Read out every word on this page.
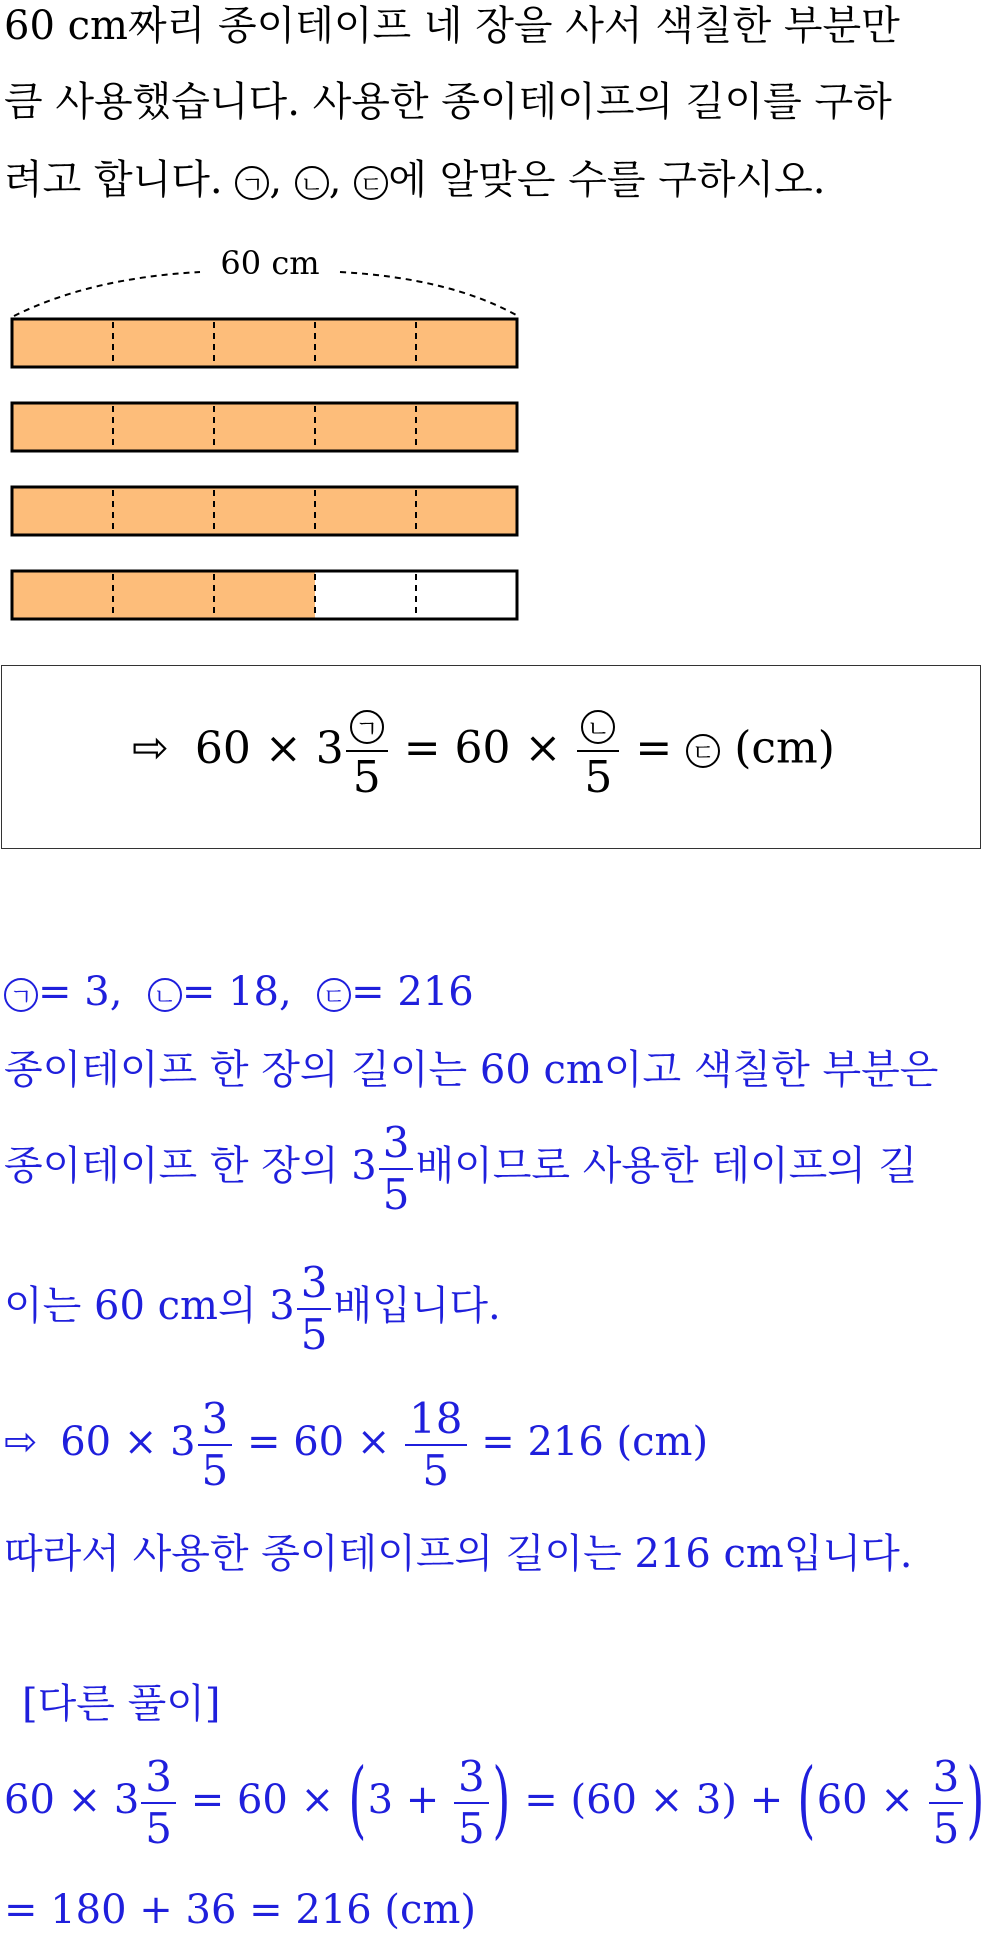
60 cm짜리 종이테이프 네 장을 사서 색칠한 부분만
큼 사용했습니다. 사용한 종이테이프의 길이를 구하
려고 합니다. ㄱ , ㄴ , ㄷ 에 알맞은 수를 구하시오.
60 cm
⇨ $60 \times 3 \frac{\text{ㄱ}}{5} = 60 \times \frac{\text{ㄴ}}{5}$ = ㄷ (cm)
ㄱ = 3,  ㄴ = 18,  ㄷ = 216
종이테이프 한 장의 길이는 60 cm이고 색칠한 부분은
종이테이프 한 장의 $3 \frac{3}{5}$ 배이므로 사용한 테이프의 길
이는 60 cm의 $3 \frac{3}{5}$ 배입니다.
⇨ $60 \times 3 \frac{3}{5} = 60 \times \frac{18}{5} = 216$ (cm)
따라서 사용한 종이테이프의 길이는 216 cm입니다.
[다른 풀이]
$60 \times 3 \frac{3}{5} = 60 \times (3 + \frac{3}{5}$ ) = $(60 \times 3) + (60 \times \frac{3}{5}$ )
= 180 + 36 = 216 (cm)
